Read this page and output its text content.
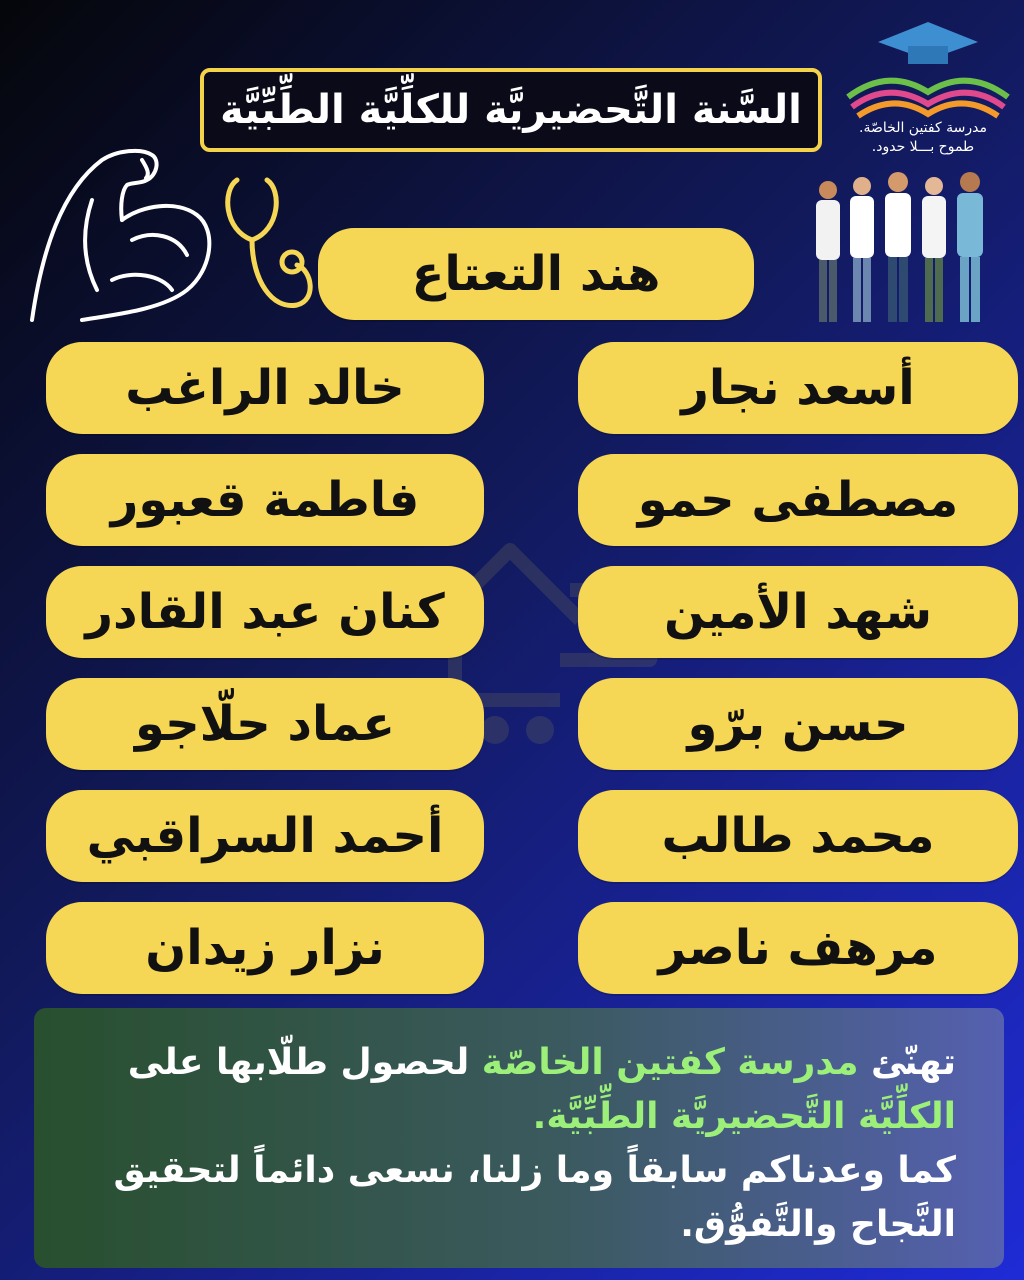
السَّنة التَّحضيريَّة للكلِّيَّة الطِّبِّيَّة	مدرسة كفتين الخاصّة.
طموح بـــلا حدود.
هند التعتاع
أسعد نجار
مصطفى حمو
شهد الأمين
حسن برّو
محمد طالب
مرهف ناصر
خالد الراغب
فاطمة قعبور
كنان عبد القادر
عماد حلّاجو
أحمد السراقبي
نزار زيدان
تهنّئ مدرسة كفتين الخاصّة لحصول طلّابها على
الكلِّيَّة التَّحضيريَّة الطِّبِّيَّة.
كما وعدناكم سابقاً وما زلنا، نسعى دائماً لتحقيق
النَّجاح والتَّفوُّق.
